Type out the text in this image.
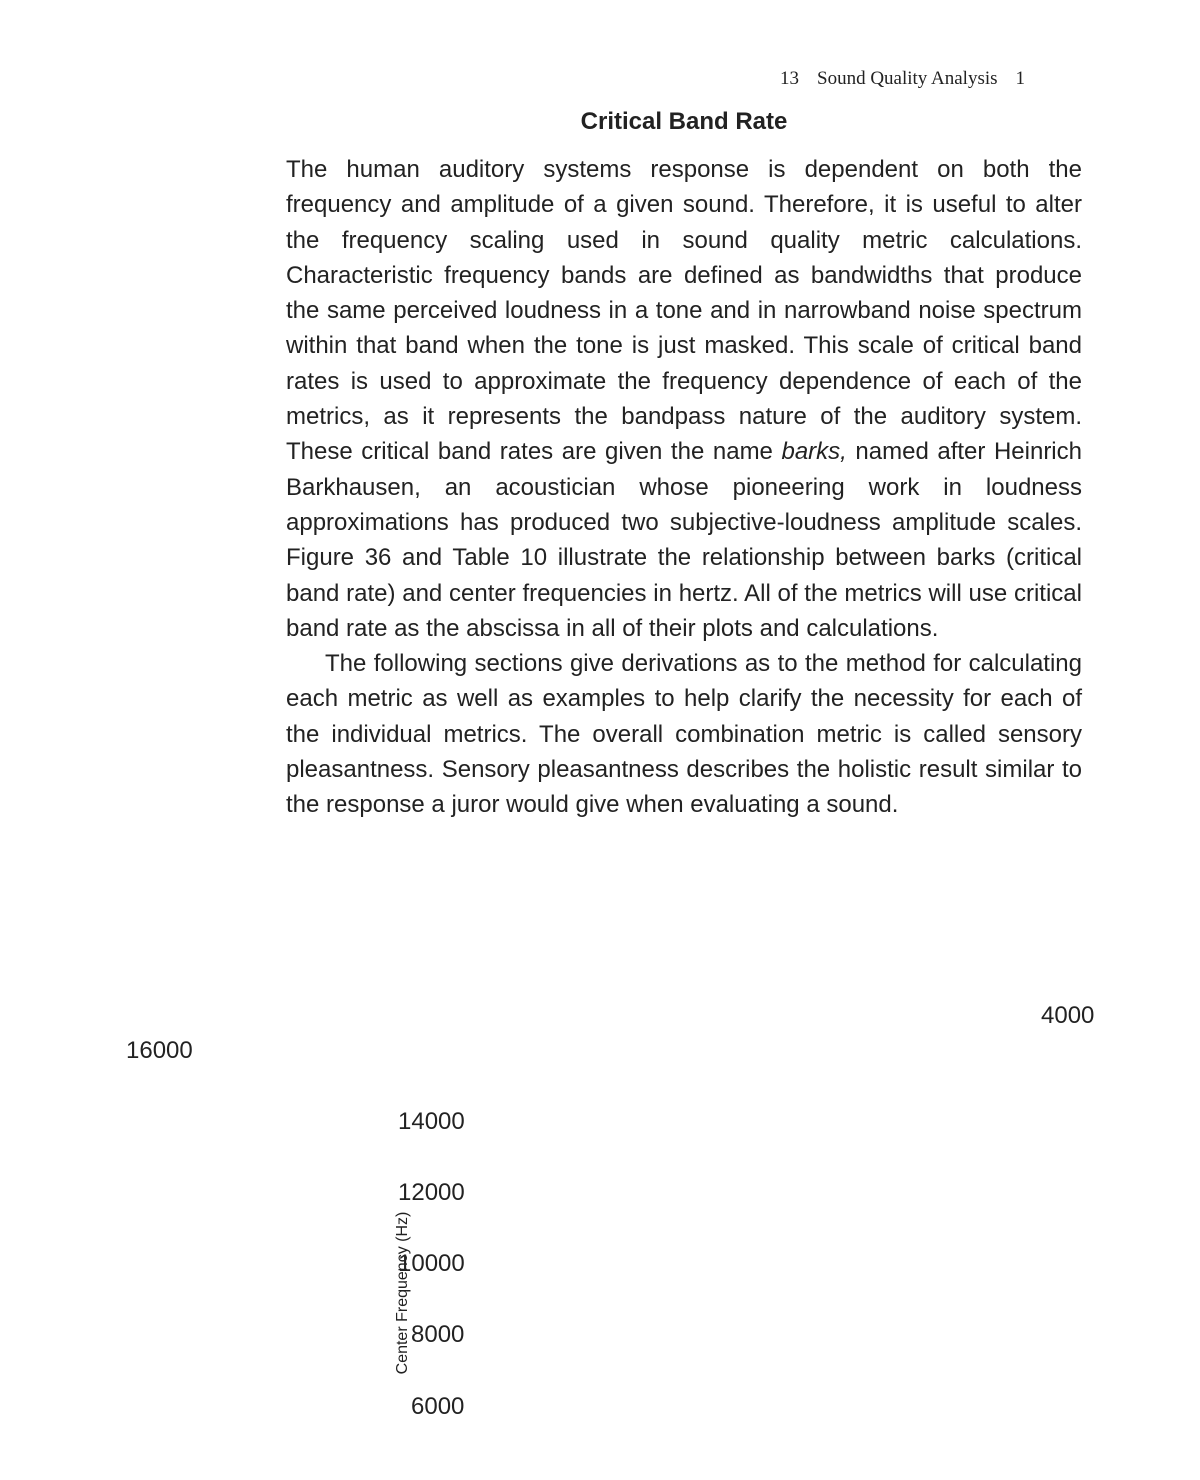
13 Sound Quality Analysis 1
Critical Band Rate

The human auditory systems response is dependent on both the frequency and amplitude of a given sound. Therefore, it is useful to alter the frequency scaling used in sound quality metric calculations. Characteristic frequency bands are defined as bandwidths that produce the same perceived loudness in a tone and in narrowband noise spectrum within that band when the tone is just masked. This scale of critical band rates is used to approximate the frequency dependence of each of the metrics, as it represents the bandpass nature of the auditory system. These critical band rates are given the name barks, named after Heinrich Barkhausen, an acoustician whose pioneering work in loudness approximations has produced two subjective-loudness amplitude scales. Figure 36 and Table 10 illustrate the relationship between barks (critical band rate) and center frequencies in hertz. All of the metrics will use critical band rate as the abscissa in all of their plots and calculations.

The following sections give derivations as to the method for calculating each metric as well as examples to help clarify the necessity for each of the individual metrics. The overall combination metric is called sensory pleasantness. Sensory pleasantness describes the holistic result similar to the response a juror would give when evaluating a sound.

4000
16000
14000
12000
10000
8000
6000
Center Frequency (Hz)
